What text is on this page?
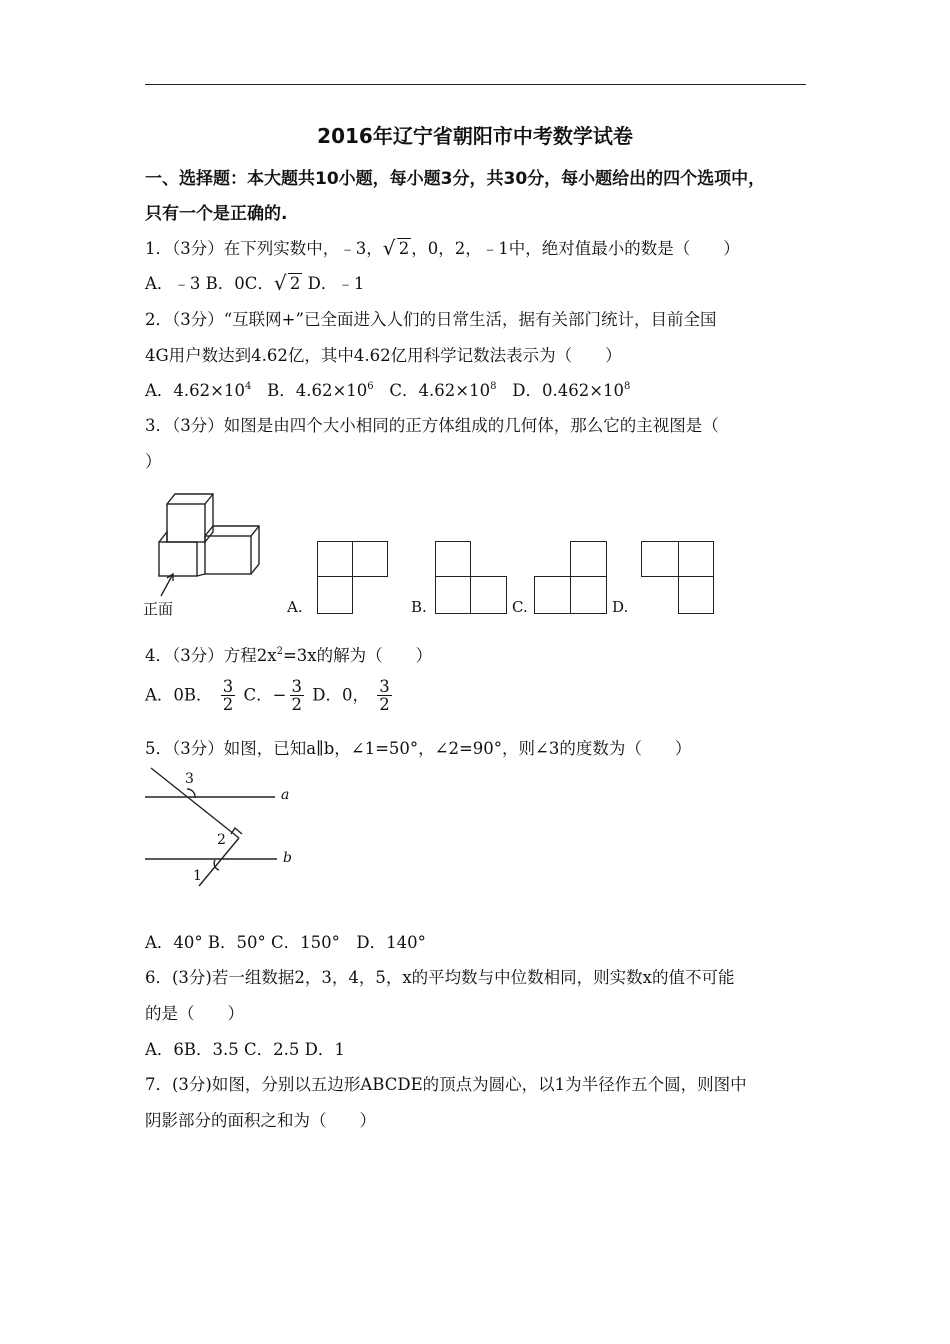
2016年辽宁省朝阳市中考数学试卷
一、选择题：本大题共10小题，每小题3分，共30分，每小题给出的四个选项中，
只有一个是正确的.
1．（3分）在下列实数中，﹣3， √ 2 ，0，2，﹣1中，绝对值最小的数是（　　）
A．﹣3 B．0C． √ 2 D．﹣1
2．（3分）“互联网+”已全面进入人们的日常生活，据有关部门统计，目前全国
4G用户数达到4.62亿，其中4.62亿用科学记数法表示为（　　）
A．$4.62\times 10^4$ B．$4.62\times 10^6$ C．$4.62\times 10^8$ D．$0.462\times 10^8$
3．（3分）如图是由四个大小相同的正方体组成的几何体，那么它的主视图是（
）
正面	A.	B.	C.	D.
4．（3分）方程$2x^2=3x$的解为（　　）
A．0B． $\frac{3}{2}$ C．− $\frac{3}{2}$ D．0， $\frac{3}{2}$
5．（3分）如图，已知a∥b，∠1=50°，∠2=90°，则∠3的度数为（　　）
3
2
1
a
b
A．40° B．50° C．150°　D．140°
6．(3分)若一组数据2，3，4，5，x的平均数与中位数相同，则实数x的值不可能
的是（　　）
A．6B．3.5 C．2.5 D．1
7．(3分)如图，分别以五边形ABCDE的顶点为圆心，以1为半径作五个圆，则图中
阴影部分的面积之和为（　　）
